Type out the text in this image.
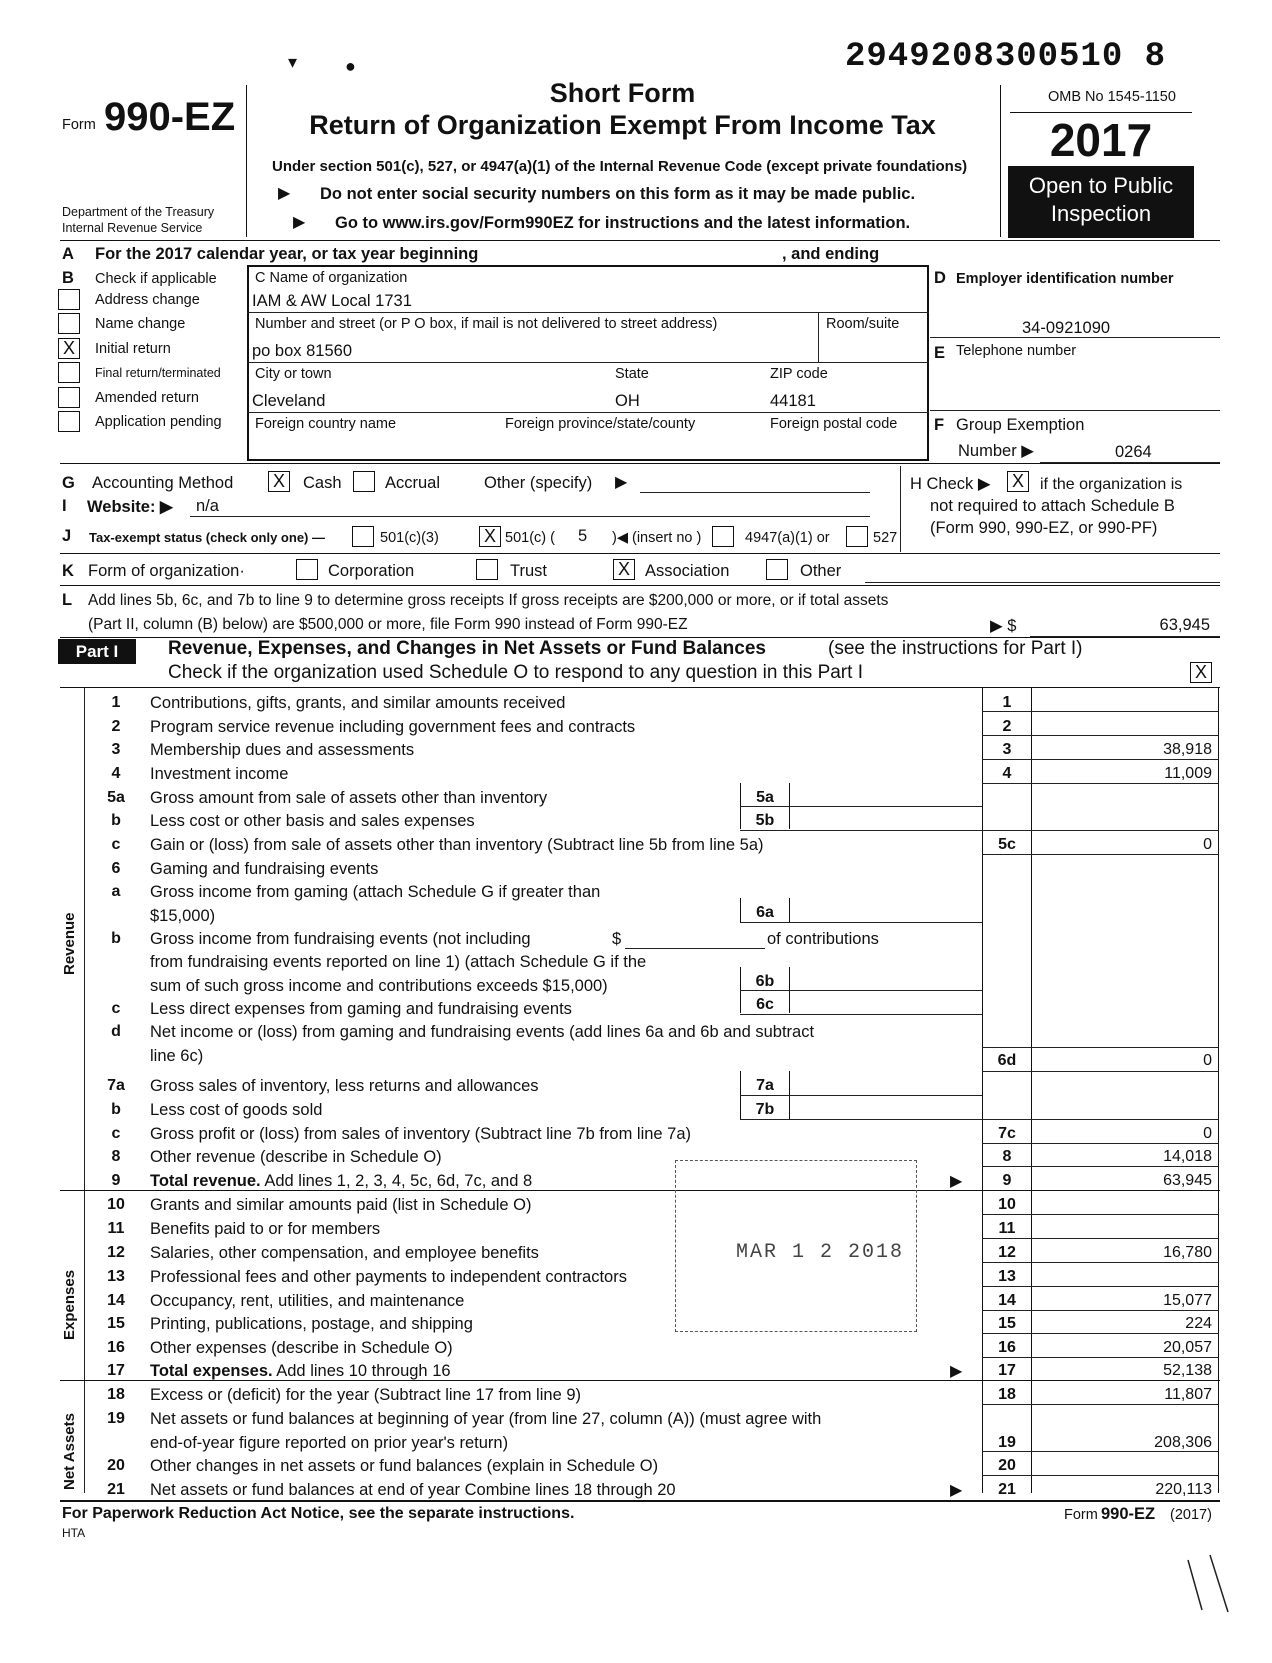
2949208300510 8
▾	●
Form 990-EZ
Department of the Treasury
Internal Revenue Service
Short Form
Return of Organization Exempt From Income Tax
Under section 501(c), 527, or 4947(a)(1) of the Internal Revenue Code (except private foundations)
▶ Do not enter social security numbers on this form as it may be made public.
▶ Go to www.irs.gov/Form990EZ for instructions and the latest information.
OMB No 1545-1150
2017
Open to Public
Inspection
A For the 2017 calendar year, or tax year beginning	, and ending
B Check if applicable
Address change
Name change
X	Initial return
Final return/terminated
Amended return
Application pending
C Name of organization
IAM & AW Local 1731
Number and street (or P O box, if mail is not delivered to street address)	Room/suite
po box 81560
City or town	State	ZIP code
Cleveland	OH	44181
Foreign country name	Foreign province/state/county	Foreign postal code
D Employer identification number
34-0921090
E Telephone number
F Group Exemption
Number ▶	0264
G Accounting Method X	Cash	Accrual	Other (specify) ▶	H Check ▶ X	if the organization is
not required to attach Schedule B
(Form 990, 990-EZ, or 990-PF)
I Website: ▶ n/a
J Tax-exempt status (check only one) —	501(c)(3)	X 501(c) ( 5 )◀ (insert no )	4947(a)(1) or	527
K Form of organization·	Corporation	Trust	X Association	Other
L Add lines 5b, 6c, and 7b to line 9 to determine gross receipts If gross receipts are $200,000 or more, or if total assets
(Part II, column (B) below) are $500,000 or more, file Form 990 instead of Form 990-EZ	▶ $	63,945
Part I	Revenue, Expenses, and Changes in Net Assets or Fund Balances	(see the instructions for Part I)
Check if the organization used Schedule O to respond to any question in this Part I	X
Revenue
Expenses
Net Assets
1	Contributions, gifts, grants, and similar amounts received	1
2	Program service revenue including government fees and contracts	2
3	Membership dues and assessments	3	38,918
4	Investment income	4	11,009
5a	Gross amount from sale of assets other than inventory	5a
b	Less cost or other basis and sales expenses	5b
c	Gain or (loss) from sale of assets other than inventory (Subtract line 5b from line 5a)	5c	0
6	Gaming and fundraising events
a	Gross income from gaming (attach Schedule G if greater than
$15,000)	6a
b	Gross income from fundraising events (not including	$	of contributions
from fundraising events reported on line 1) (attach Schedule G if the
sum of such gross income and contributions exceeds $15,000)	6b
c	Less direct expenses from gaming and fundraising events	6c
d	Net income or (loss) from gaming and fundraising events (add lines 6a and 6b and subtract
line 6c)	6d	0
7a	Gross sales of inventory, less returns and allowances	7a
b	Less cost of goods sold	7b
c	Gross profit or (loss) from sales of inventory (Subtract line 7b from line 7a)	7c	0
8	Other revenue (describe in Schedule O)	8	14,018
9	Total revenue. Add lines 1, 2, 3, 4, 5c, 6d, 7c, and 8	▶	9	63,945
10	Grants and similar amounts paid (list in Schedule O)	10
11	Benefits paid to or for members	11
12	Salaries, other compensation, and employee benefits	12	16,780
13	Professional fees and other payments to independent contractors	13
14	Occupancy, rent, utilities, and maintenance	14	15,077
15	Printing, publications, postage, and shipping	15	224
16	Other expenses (describe in Schedule O)	16	20,057
17	Total expenses. Add lines 10 through 16	▶	17	52,138
18	Excess or (deficit) for the year (Subtract line 17 from line 9)	18	11,807
19	Net assets or fund balances at beginning of year (from line 27, column (A)) (must agree with
end-of-year figure reported on prior year's return)	19	208,306
20	Other changes in net assets or fund balances (explain in Schedule O)	20
21	Net assets or fund balances at end of year Combine lines 18 through 20	▶	21	220,113
MAR 1 2 2018
For Paperwork Reduction Act Notice, see the separate instructions.
HTA
Form 990-EZ (2017)
